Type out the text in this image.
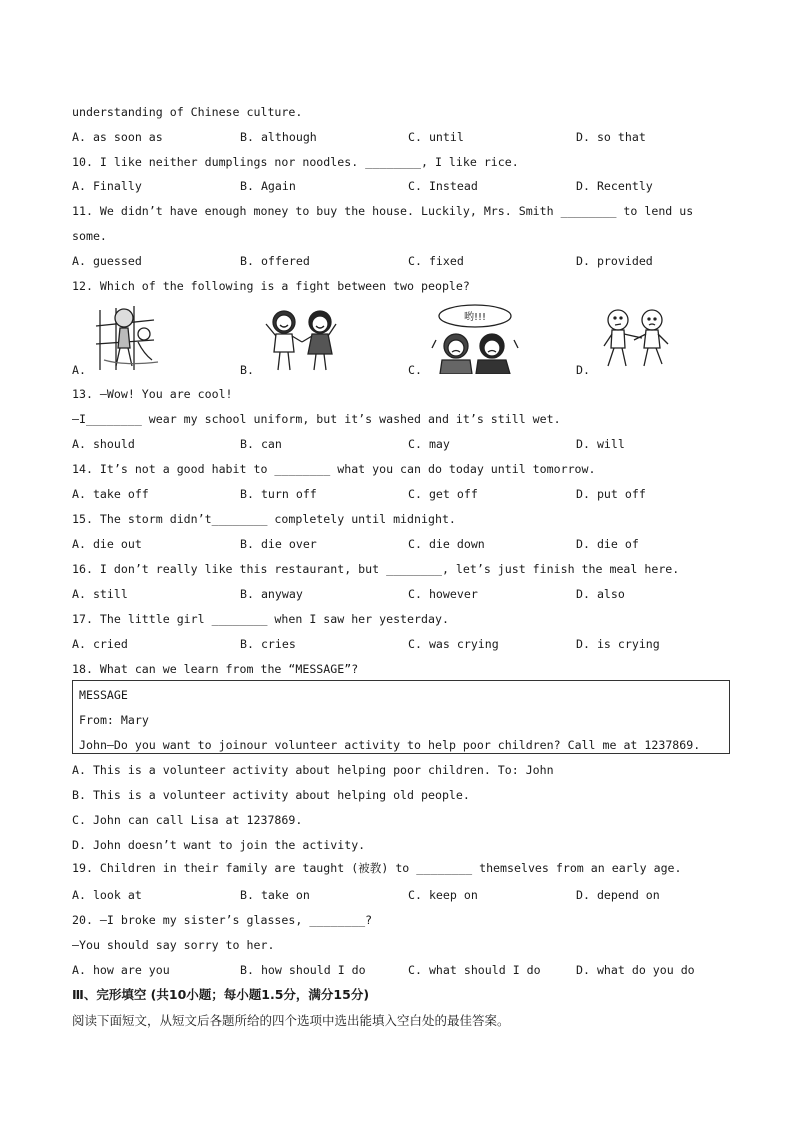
understanding of Chinese culture.
A. as soon as	B. although	C. until	D. so that
10. I like neither dumplings nor noodles. ________, I like rice.
A. Finally	B. Again	C. Instead	D. Recently
11. We didn’t have enough money to buy the house. Luckily, Mrs. Smith ________ to lend us
some.
A. guessed	B. offered	C. fixed	D. provided
12. Which of the following is a fight between two people?
A.	B.	C.	D.
哟!!!
13. —Wow! You are cool!
—I________ wear my school uniform, but it’s washed and it’s still wet.
A. should	B. can	C. may	D. will
14. It’s not a good habit to ________ what you can do today until tomorrow.
A. take off	B. turn off	C. get off	D. put off
15. The storm didn’t________ completely until midnight.
A. die out	B. die over	C. die down	D. die of
16. I don’t really like this restaurant, but ________, let’s just finish the meal here.
A. still	B. anyway	C. however	D. also
17. The little girl ________ when I saw her yesterday.
A. cried	B. cries	C. was crying	D. is crying
18. What can we learn from the “MESSAGE”?
MESSAGE
From: Mary
John—Do you want to joinour volunteer activity to help poor children? Call me at 1237869.
A. This is a volunteer activity about helping poor children. To: John
B. This is a volunteer activity about helping old people.
C. John can call Lisa at 1237869.
D. John doesn’t want to join the activity.
19. Children in their family are taught (被教) to ________ themselves from an early age.
A. look at	B. take on	C. keep on	D. depend on
20. —I broke my sister’s glasses, ________?
—You should say sorry to her.
A. how are you	B. how should I do	C. what should I do	D. what do you do
Ⅲ、完形填空 (共10小题；每小题1.5分，满分15分)
阅读下面短文，从短文后各题所给的四个选项中选出能填入空白处的最佳答案。
